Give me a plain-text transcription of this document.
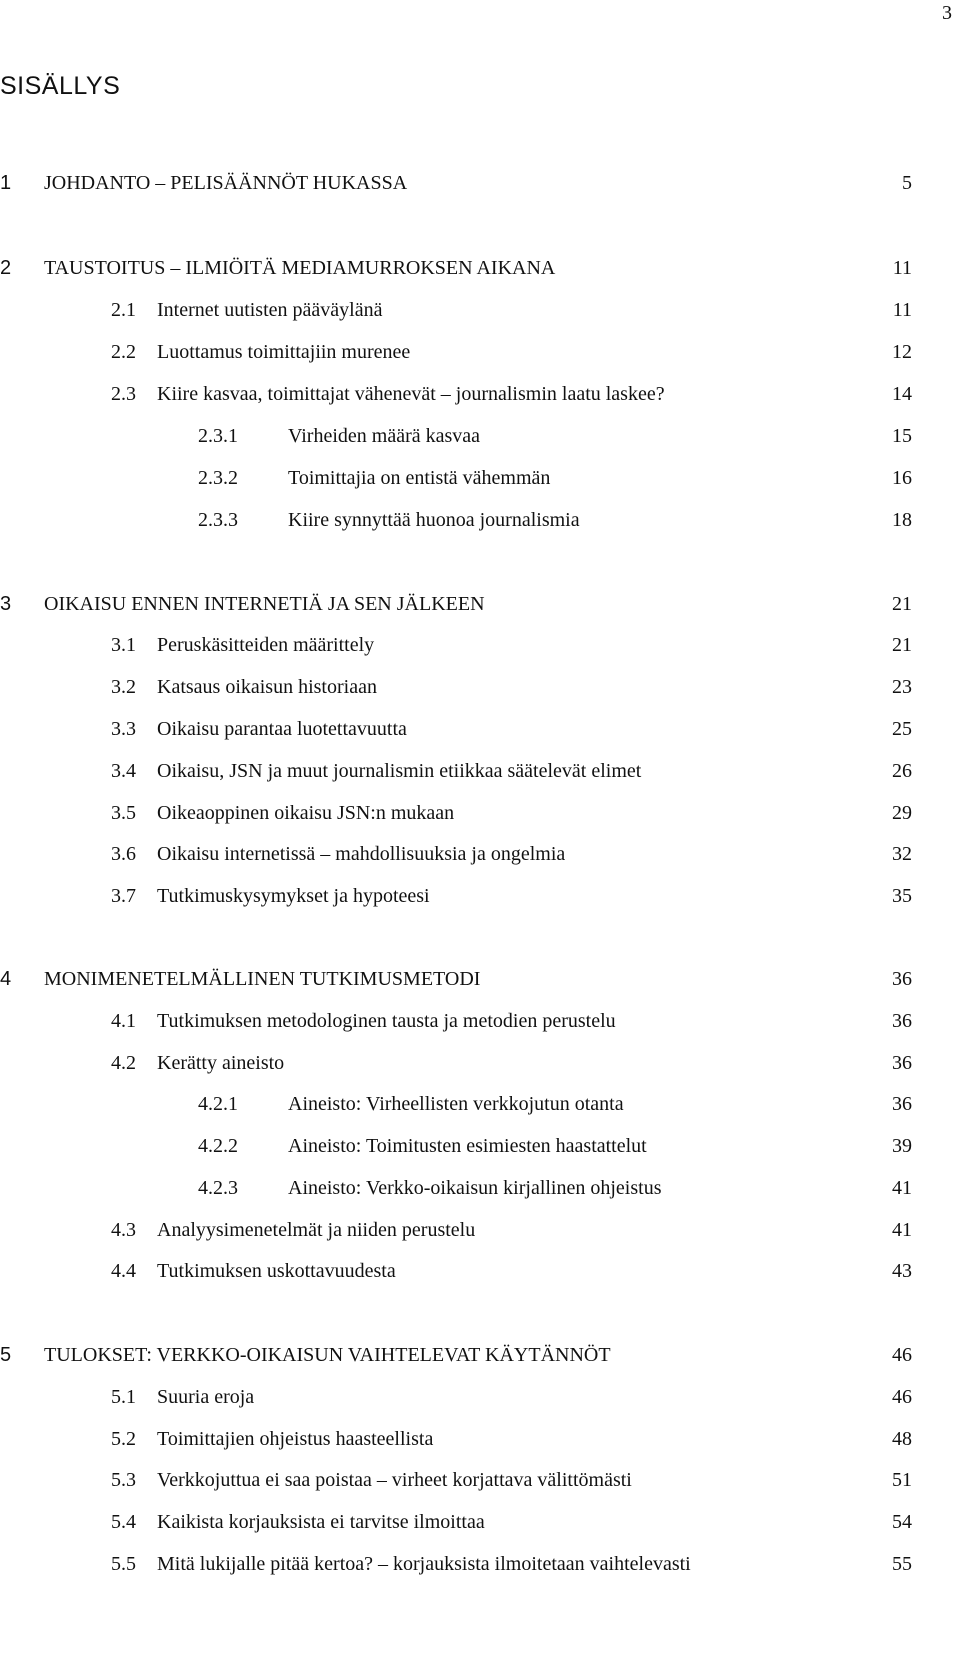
3
SISÄLLYS
1 JOHDANTO – PELISÄÄNNÖT HUKASSA	5
2 TAUSTOITUS – ILMIÖITÄ MEDIAMURROKSEN AIKANA	11
2.1 Internet uutisten pääväylänä	11
2.2 Luottamus toimittajiin murenee	12
2.3 Kiire kasvaa, toimittajat vähenevät – journalismin laatu laskee?	14
2.3.1	Virheiden määrä kasvaa	15
2.3.2	Toimittajia on entistä vähemmän	16
2.3.3	Kiire synnyttää huonoa journalismia	18
3 OIKAISU ENNEN INTERNETIÄ JA SEN JÄLKEEN	21
3.1 Peruskäsitteiden määrittely	21
3.2 Katsaus oikaisun historiaan	23
3.3 Oikaisu parantaa luotettavuutta	25
3.4 Oikaisu, JSN ja muut journalismin etiikkaa säätelevät elimet	26
3.5 Oikeaoppinen oikaisu JSN:n mukaan	29
3.6 Oikaisu internetissä – mahdollisuuksia ja ongelmia	32
3.7 Tutkimuskysymykset ja hypoteesi	35
4 MONIMENETELMÄLLINEN TUTKIMUSMETODI	36
4.1 Tutkimuksen metodologinen tausta ja metodien perustelu	36
4.2 Kerätty aineisto	36
4.2.1	Aineisto: Virheellisten verkkojutun otanta	36
4.2.2	Aineisto: Toimitusten esimiesten haastattelut	39
4.2.3	Aineisto: Verkko-oikaisun kirjallinen ohjeistus	41
4.3 Analyysimenetelmät ja niiden perustelu	41
4.4 Tutkimuksen uskottavuudesta	43
5 TULOKSET: VERKKO-OIKAISUN VAIHTELEVAT KÄYTÄNNÖT	46
5.1 Suuria eroja	46
5.2 Toimittajien ohjeistus haasteellista	48
5.3 Verkkojuttua ei saa poistaa – virheet korjattava välittömästi	51
5.4 Kaikista korjauksista ei tarvitse ilmoittaa	54
5.5 Mitä lukijalle pitää kertoa? – korjauksista ilmoitetaan vaihtelevasti	55
